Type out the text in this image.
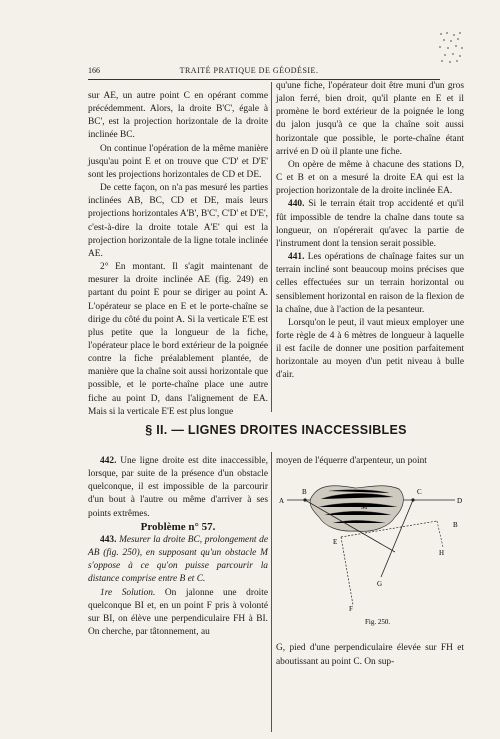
166	TRAITÉ PRATIQUE DE GÉODÉSIE.

sur AE, un autre point C en opérant comme précédemment. Alors, la droite B'C', égale à BC', est la projection horizontale de la droite inclinée BC.

On continue l'opération de la même manière jusqu'au point E et on trouve que C'D' et D'E' sont les projections horizontales de CD et DE.

De cette façon, on n'a pas mesuré les parties inclinées AB, BC, CD et DE, mais leurs projections horizontales A'B', B'C', C'D' et D'E', c'est-à-dire la droite totale A'E' qui est la projection horizontale de la ligne totale inclinée AE.

2° En montant. Il s'agit maintenant de mesurer la droite inclinée AE (fig. 249) en partant du point E pour se diriger au point A. L'opérateur se place en E et le porte-chaîne se dirige du côté du point A. Si la verticale E'E est plus petite que la longueur de la fiche, l'opérateur place le bord extérieur de la poignée contre la fiche préalablement plantée, de manière que la chaîne soit aussi horizontale que possible, et le porte-chaîne place une autre fiche au point D, dans l'alignement de EA. Mais si la verticale E'E est plus longue

qu'une fiche, l'opérateur doit être muni d'un gros jalon ferré, bien droit, qu'il plante en E et il promène le bord extérieur de la poignée le long du jalon jusqu'à ce que la chaîne soit aussi horizontale que possible, le porte-chaîne étant arrivé en D où il plante une fiche.

On opère de même à chacune des stations D, C et B et on a mesuré la droite EA qui est la projection horizontale de la droite inclinée EA.

440. Si le terrain était trop accidenté et qu'il fût impossible de tendre la chaîne dans toute sa longueur, on n'opérerait qu'avec la partie de l'instrument dont la tension serait possible.

441. Les opérations de chaînage faites sur un terrain incliné sont beaucoup moins précises que celles effectuées sur un terrain horizontal ou sensiblement horizontal en raison de la flexion de la chaîne, due à l'action de la pesanteur.

Lorsqu'on le peut, il vaut mieux employer une forte règle de 4 à 6 mètres de longueur à laquelle il est facile de donner une position parfaitement horizontale au moyen d'un petit niveau à bulle d'air.

§ II. — LIGNES DROITES INACCESSIBLES

442. Une ligne droite est dite inaccessible, lorsque, par suite de la présence d'un obstacle quelconque, il est impossible de la parcourir d'un bout à l'autre ou même d'arriver à ses points extrêmes.

Problème n° 57.

443. Mesurer la droite BC, prolongement de AB (fig. 250), en supposant qu'un obstacle M s'oppose à ce qu'on puisse parcourir la distance comprise entre B et C.

1re Solution. On jalonne une droite quelconque BI et, en un point F pris à volonté sur BI, on élève une perpendiculaire FH à BI. On cherche, par tâtonnement, au

moyen de l'équerre d'arpenteur, un point

A
B	C
D
M
E
B
H
G
F
Fig. 250.

G, pied d'une perpendiculaire élevée sur FH et aboutissant au point C. On sup-
